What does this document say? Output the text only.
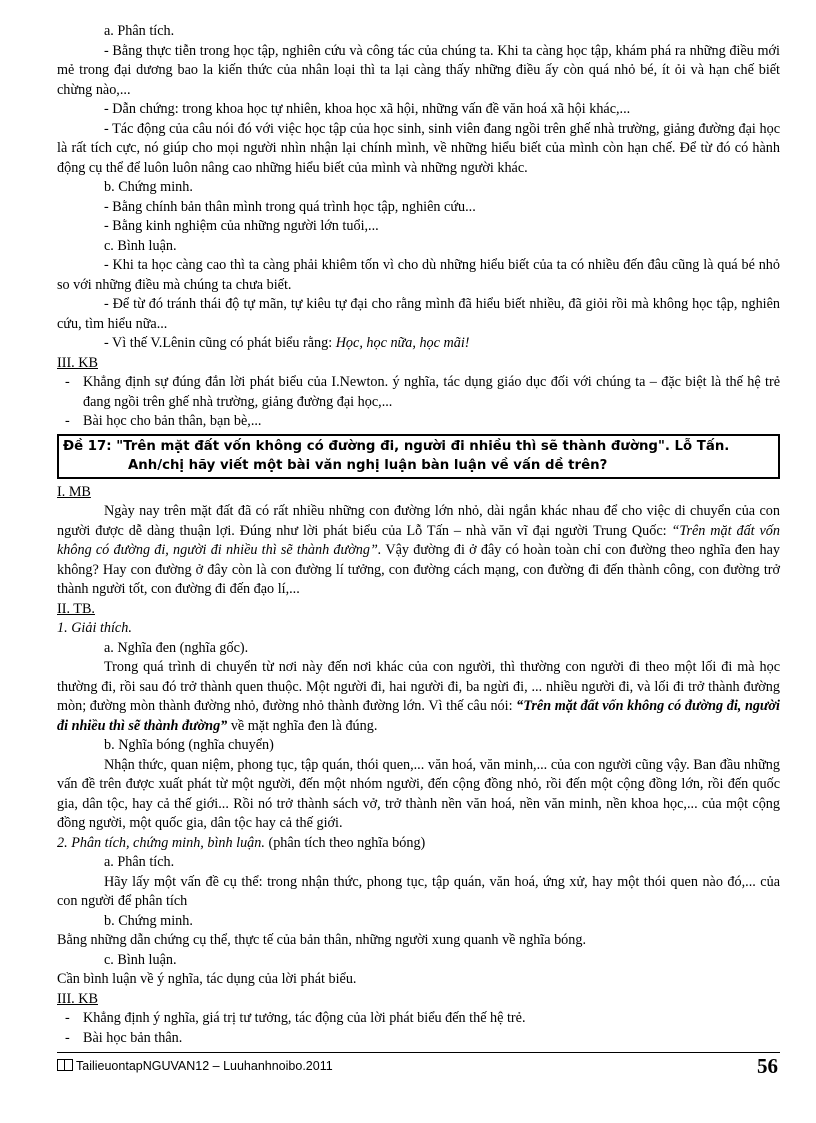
a. Phân tích.

- Bằng thực tiễn trong học tập, nghiên cứu và công tác của chúng ta. Khi ta càng học tập, khám phá ra những điều mới mẻ trong đại dương bao la kiến thức của nhân loại thì ta lại càng thấy những điều ấy còn quá nhỏ bé, ít ỏi và hạn chế biết chừng nào,...

- Dẫn chứng: trong khoa học tự nhiên, khoa học xã hội, những vấn đề văn hoá xã hội khác,...

- Tác động của câu nói đó với việc học tập của học sinh, sinh viên đang ngồi trên ghế nhà trường, giảng đường đại học là rất tích cực, nó giúp cho mọi người nhìn nhận lại chính mình, về những hiểu biết của mình còn hạn chế. Để từ đó có hành động cụ thể để luôn luôn nâng cao những hiểu biết của mình và những người khác.

b. Chứng minh.

- Bằng chính bản thân mình trong quá trình học tập, nghiên cứu...

- Bằng kinh nghiệm của những người lớn tuổi,...

c. Bình luận.

- Khi ta học càng cao thì ta càng phải khiêm tốn vì cho dù những hiểu biết của ta có nhiều đến đâu cũng là quá bé nhỏ so với những điều mà chúng ta chưa biết.

- Để từ đó tránh thái độ tự mãn, tự kiêu tự đại cho rằng mình đã hiểu biết nhiều, đã giỏi rồi mà không học tập, nghiên cứu, tìm hiểu nữa...

- Vì thế V.Lênin cũng có phát biểu rằng: Học, học nữa, học mãi!

III. KB

- Khẳng định sự đúng đắn lời phát biểu của I.Newton. ý nghĩa, tác dụng giáo dục đối với chúng ta – đặc biệt là thế hệ trẻ đang ngồi trên ghế nhà trường, giảng đường đại học,...

- Bài học cho bản thân, bạn bè,...

Đề 17: "Trên mặt đất vốn không có đường đi, người đi nhiều thì sẽ thành đường". Lỗ Tấn.
Anh/chị hãy viết một bài văn nghị luận bàn luận về vấn dề trên?

I. MB

Ngày nay trên mặt đất đã có rất nhiều những con đường lớn nhỏ, dài ngắn khác nhau để cho việc di chuyển của con người được dễ dàng thuận lợi. Đúng như lời phát biểu của Lỗ Tấn – nhà văn vĩ đại người Trung Quốc: “Trên mặt đất vốn không có đường đi, người đi nhiều thì sẽ thành đường”. Vậy đường đi ở đây có hoàn toàn chỉ con đường theo nghĩa đen hay không? Hay con đường ở đây còn là con đường lí tưởng, con đường cách mạng, con đường đi đến thành công, con đường trở thành người tốt, con đường đi đến đạo lí,...

II. TB.

1. Giải thích.

a. Nghĩa đen (nghĩa gốc).

Trong quá trình di chuyển từ nơi này đến nơi khác của con người, thì thường con người đi theo một lối đi mà học thường đi, rồi sau đó trở thành quen thuộc. Một người đi, hai người đi, ba ngừi đi, ... nhiều người đi, và lối đi trở thành đường mòn; đường mòn thành đường nhỏ, đường nhỏ thành đường lớn. Vì thế câu nói: “Trên mặt đất vốn không có đường đi, người đi nhiều thì sẽ thành đường” về mặt nghĩa đen là đúng.

b. Nghĩa bóng (nghĩa chuyển)

Nhận thức, quan niệm, phong tục, tập quán, thói quen,... văn hoá, văn minh,... của con người cũng vậy. Ban đầu những vấn đề trên được xuất phát từ một người, đến một nhóm người, đến cộng đồng nhỏ, rồi đến một cộng đồng lớn, rồi đến quốc gia, dân tộc, hay cả thế giới... Rồi nó trở thành sách vở, trở thành nền văn hoá, nền văn minh, nền khoa học,... của một cộng đồng người, một quốc gia, dân tộc hay cả thế giới.

2. Phân tích, chứng minh, bình luận. (phân tích theo nghĩa bóng)

a. Phân tích.

Hãy lấy một vấn đề cụ thể: trong nhận thức, phong tục, tập quán, văn hoá, ứng xử, hay một thói quen nào đó,... của con người để phân tích

b. Chứng minh.

Bằng những dẫn chứng cụ thể, thực tế của bản thân, những người xung quanh về nghĩa bóng.

c. Bình luận.

Cần bình luận về ý nghĩa, tác dụng của lời phát biểu.

III. KB

- Khẳng định ý nghĩa, giá trị tư tưởng, tác động của lời phát biểu đến thế hệ trẻ.

- Bài học bản thân.

TailieuontapNGUVAN12 – Luuhanhnoibo.2011	56
